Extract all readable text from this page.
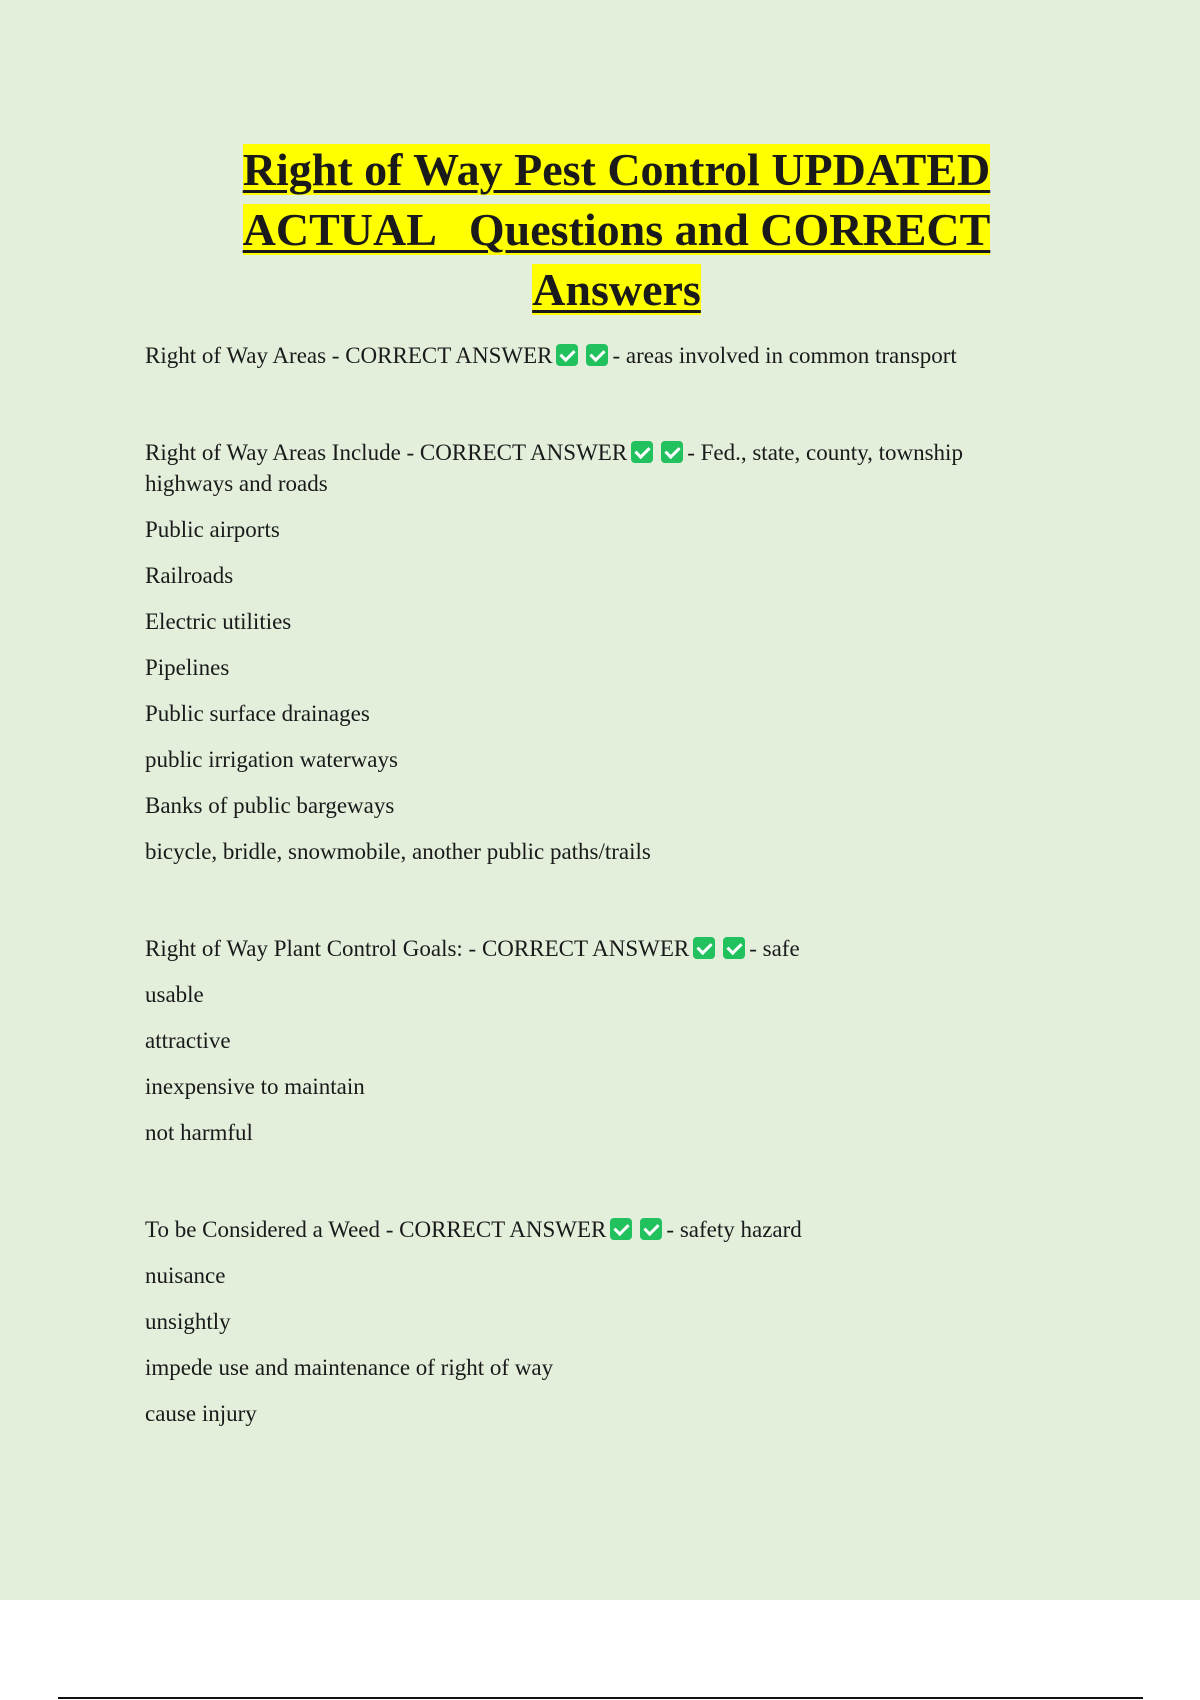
Right of Way Pest Control UPDATED
ACTUAL   Questions and CORRECT
Answers

Right of Way Areas - CORRECT ANSWER	- areas involved in common transport

Right of Way Areas Include - CORRECT ANSWER	- Fed., state, county, township highways and roads

Public airports

Railroads

Electric utilities

Pipelines

Public surface drainages

public irrigation waterways

Banks of public bargeways

bicycle, bridle, snowmobile, another public paths/trails

Right of Way Plant Control Goals: - CORRECT ANSWER	- safe

usable

attractive

inexpensive to maintain

not harmful

To be Considered a Weed - CORRECT ANSWER	- safety hazard

nuisance

unsightly

impede use and maintenance of right of way

cause injury
